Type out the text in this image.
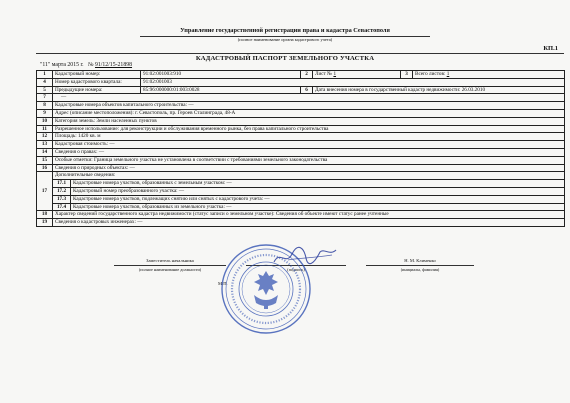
Управление государственной регистрации права и кадастра Севастополя
(полное наименование органа кадастрового учета)
КП.1
КАДАСТРОВЫЙ ПАСПОРТ ЗЕМЕЛЬНОГО УЧАСТКА
"11" марта 2015 г. № 91/12/15-21898
1	Кадастровый номер:		91:02:001003:910	2	Лист № 1	3	Всего листов: 1
4	Номер кадастрового квартала:		91:02:001003				
5	Предыдущие номера:		85:96:000000:01:003:0028	6	Дата внесения номера в государственный кадастр недвижимости: 26.03.2010		
7	—						
8	Кадастровые номера объектов капитального строительства: —						
9	Адрес (описание местоположения): г. Севастополь, пр. Героев Сталинграда, 48-А						
10	Категория земель: Земли населенных пунктов						
11	Разрешенное использование: для реконструкции и обслуживания временного рынка, без права капитального строительства						
12	Площадь: 1420 кв. м						
13	Кадастровая стоимость: —						
14	Сведения о правах: —						
15	Особые отметки: Граница земельного участка не установлена в соответствии с требованиями земельного законодательства						
16	Сведения о природных объектах: —						
17	Дополнительные сведения:						
	17.1	Кадастровые номера участков, образованных с земельным участком: —					
	17.2	Кадастровый номер преобразованного участка: —					
	17.3	Кадастровые номера участков, подлежащих снятию или снятых с кадастрового учета: —					
	17.4	Кадастровые номера участков, образованных из земельного участка: —					
18	Характер сведений государственного кадастра недвижимости (статус записи о земельном участке): Сведения об объекте имеют статус ранее учтенные						
19	Сведения о кадастровых инженерах: —						
Заместитель начальника
(полное наименование должности)	(подпись)
Н. М. Клименко
(инициалы, фамилия)
М.П.
